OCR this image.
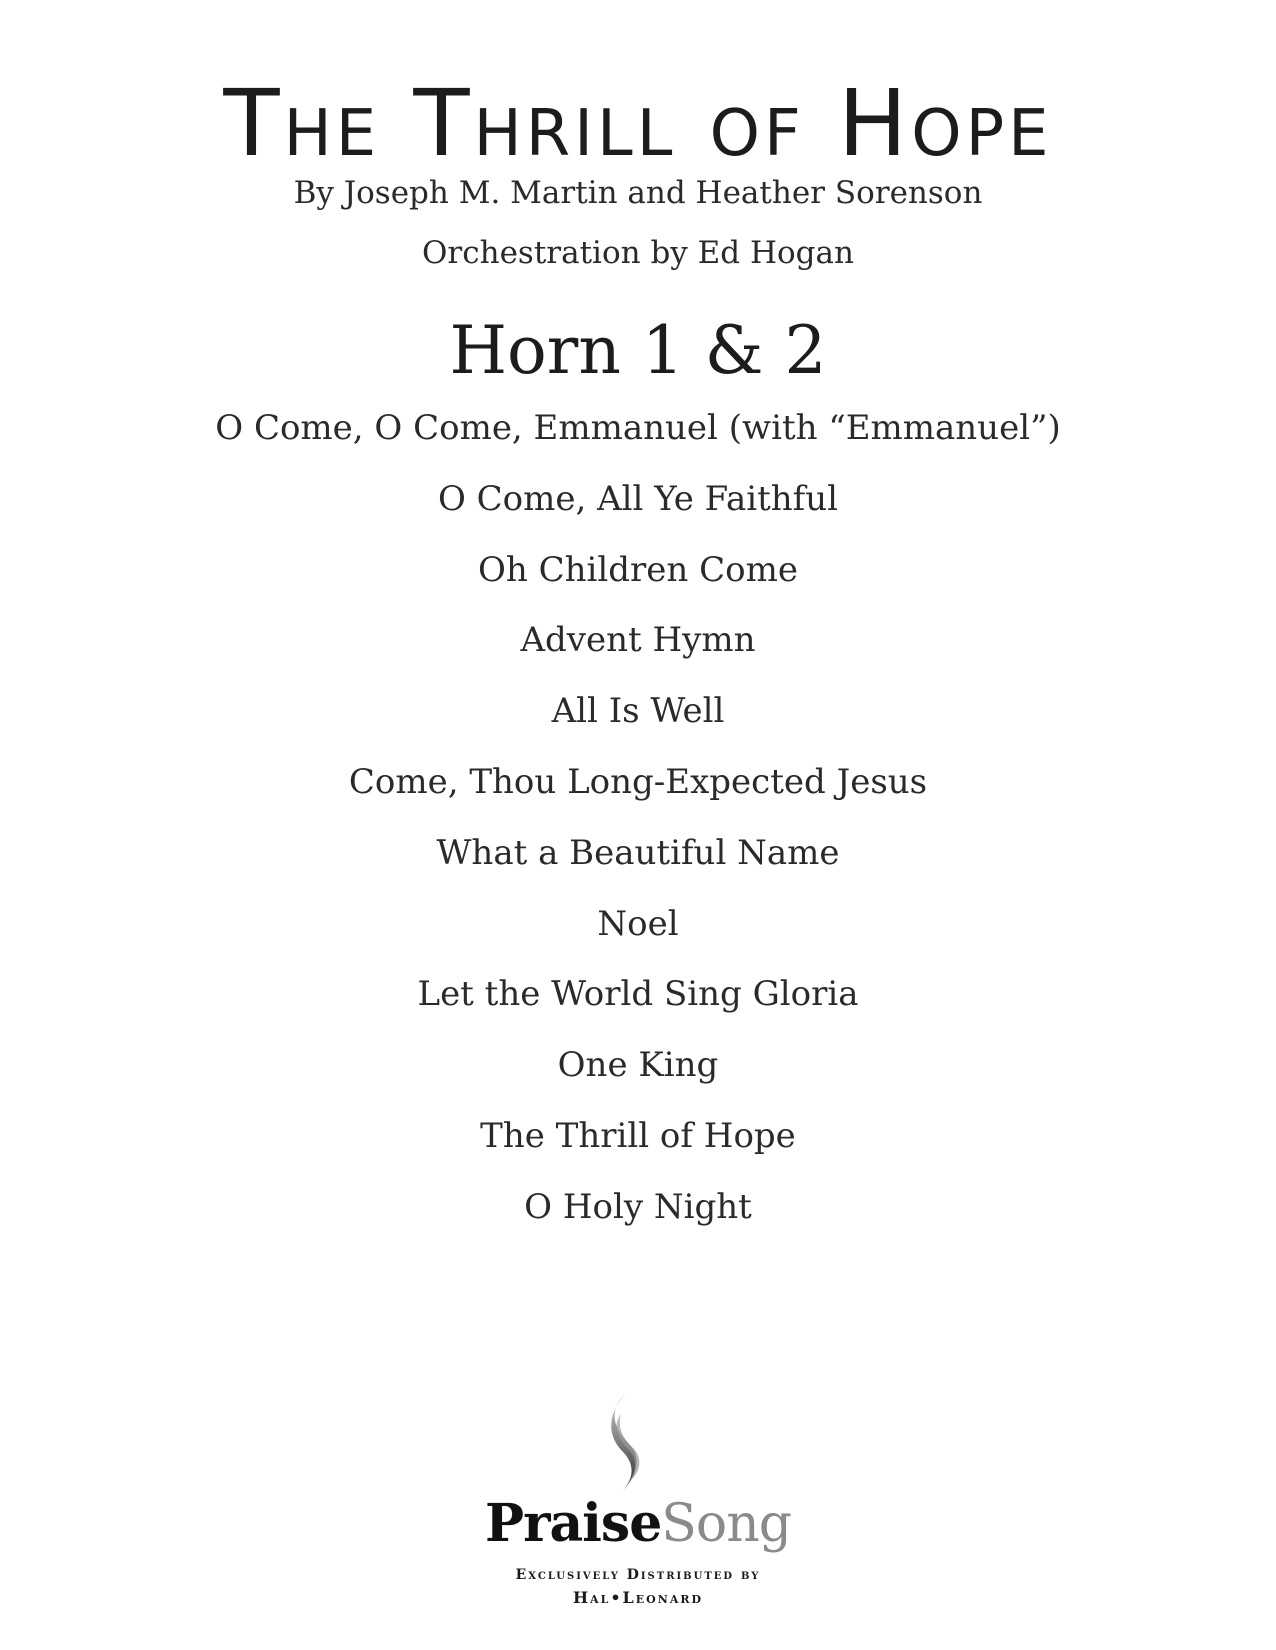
The Thrill of Hope
By Joseph M. Martin and Heather Sorenson
Orchestration by Ed Hogan
Horn 1 & 2
O Come, O Come, Emmanuel (with “Emmanuel”)
O Come, All Ye Faithful
Oh Children Come
Advent Hymn
All Is Well
Come, Thou Long-Expected Jesus
What a Beautiful Name
Noel
Let the World Sing Gloria
One King
The Thrill of Hope
O Holy Night
PraiseSong
Exclusively Distributed by
Hal•Leonard
